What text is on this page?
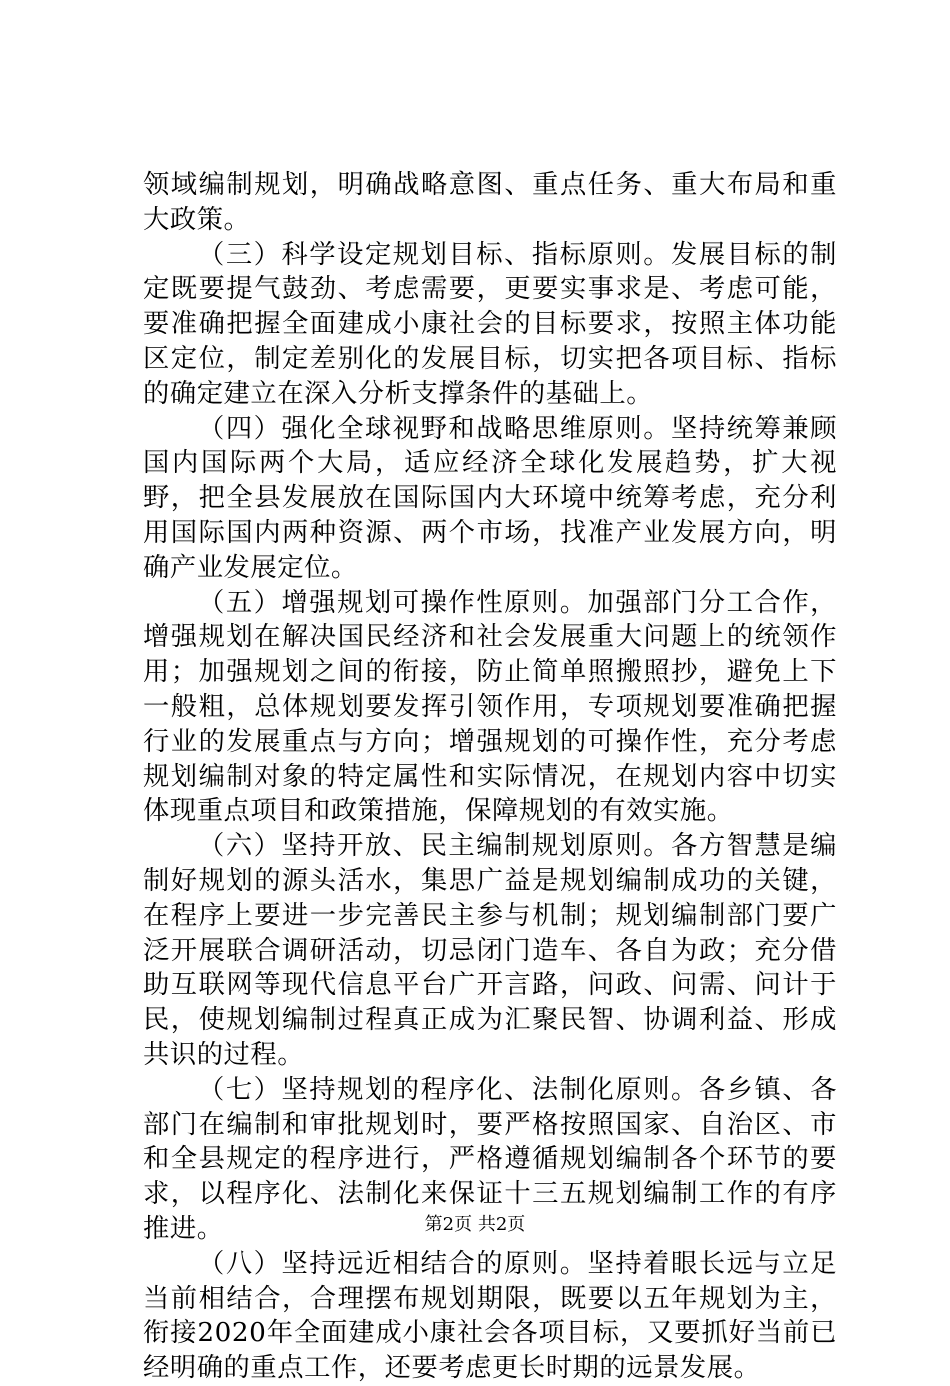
领域编制规划，明确战略意图、重点任务、重大布局和重大政策。

（三）科学设定规划目标、指标原则。发展目标的制定既要提气鼓劲、考虑需要，更要实事求是、考虑可能，要准确把握全面建成小康社会的目标要求，按照主体功能区定位，制定差别化的发展目标，切实把各项目标、指标的确定建立在深入分析支撑条件的基础上。

（四）强化全球视野和战略思维原则。坚持统筹兼顾国内国际两个大局，适应经济全球化发展趋势，扩大视野，把全县发展放在国际国内大环境中统筹考虑，充分利用国际国内两种资源、两个市场，找准产业发展方向，明确产业发展定位。

（五）增强规划可操作性原则。加强部门分工合作，增强规划在解决国民经济和社会发展重大问题上的统领作用；加强规划之间的衔接，防止简单照搬照抄，避免上下一般粗，总体规划要发挥引领作用，专项规划要准确把握行业的发展重点与方向；增强规划的可操作性，充分考虑规划编制对象的特定属性和实际情况，在规划内容中切实体现重点项目和政策措施，保障规划的有效实施。

（六）坚持开放、民主编制规划原则。各方智慧是编制好规划的源头活水，集思广益是规划编制成功的关键，在程序上要进一步完善民主参与机制；规划编制部门要广泛开展联合调研活动，切忌闭门造车、各自为政；充分借助互联网等现代信息平台广开言路，问政、问需、问计于民，使规划编制过程真正成为汇聚民智、协调利益、形成共识的过程。

（七）坚持规划的程序化、法制化原则。各乡镇、各部门在编制和审批规划时，要严格按照国家、自治区、市和全县规定的程序进行，严格遵循规划编制各个环节的要求，以程序化、法制化来保证十三五规划编制工作的有序推进。

（八）坚持远近相结合的原则。坚持着眼长远与立足当前相结合，合理摆布规划期限，既要以五年规划为主，衔接2020年全面建成小康社会各项目标，又要抓好当前已经明确的重点工作，还要考虑更长时期的远景发展。

第2页 共2页
